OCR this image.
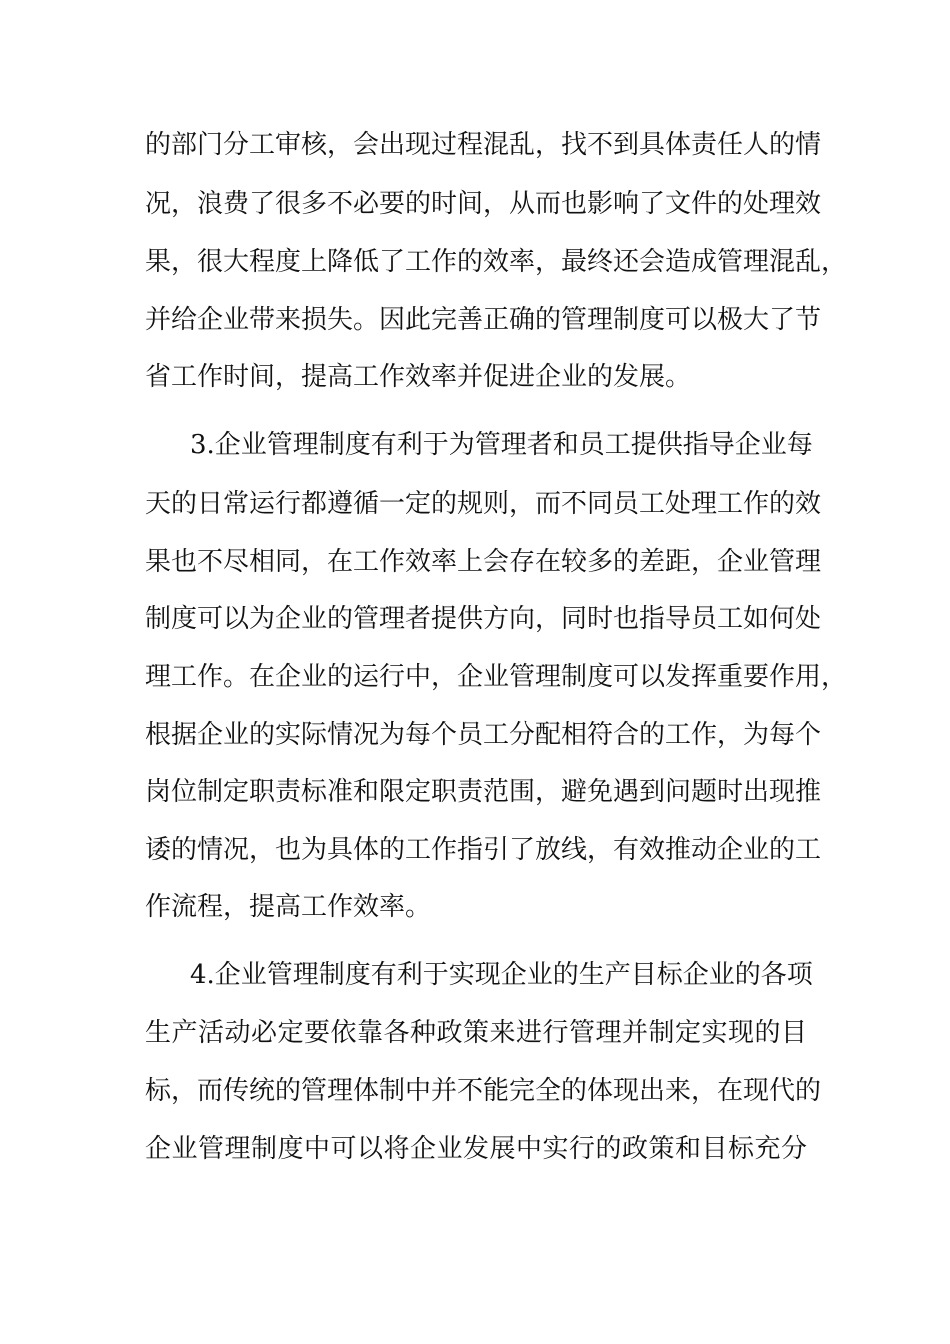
的部门分工审核，会出现过程混乱，找不到具体责任人的情
况，浪费了很多不必要的时间，从而也影响了文件的处理效
果，很大程度上降低了工作的效率，最终还会造成管理混乱，
并给企业带来损失。因此完善正确的管理制度可以极大了节
省工作时间，提高工作效率并促进企业的发展。
3.企业管理制度有利于为管理者和员工提供指导企业每
天的日常运行都遵循一定的规则，而不同员工处理工作的效
果也不尽相同，在工作效率上会存在较多的差距，企业管理
制度可以为企业的管理者提供方向，同时也指导员工如何处
理工作。在企业的运行中，企业管理制度可以发挥重要作用，
根据企业的实际情况为每个员工分配相符合的工作，为每个
岗位制定职责标准和限定职责范围，避免遇到问题时出现推
诿的情况，也为具体的工作指引了放线，有效推动企业的工
作流程，提高工作效率。
4.企业管理制度有利于实现企业的生产目标企业的各项
生产活动必定要依靠各种政策来进行管理并制定实现的目
标，而传统的管理体制中并不能完全的体现出来，在现代的
企业管理制度中可以将企业发展中实行的政策和目标充分
